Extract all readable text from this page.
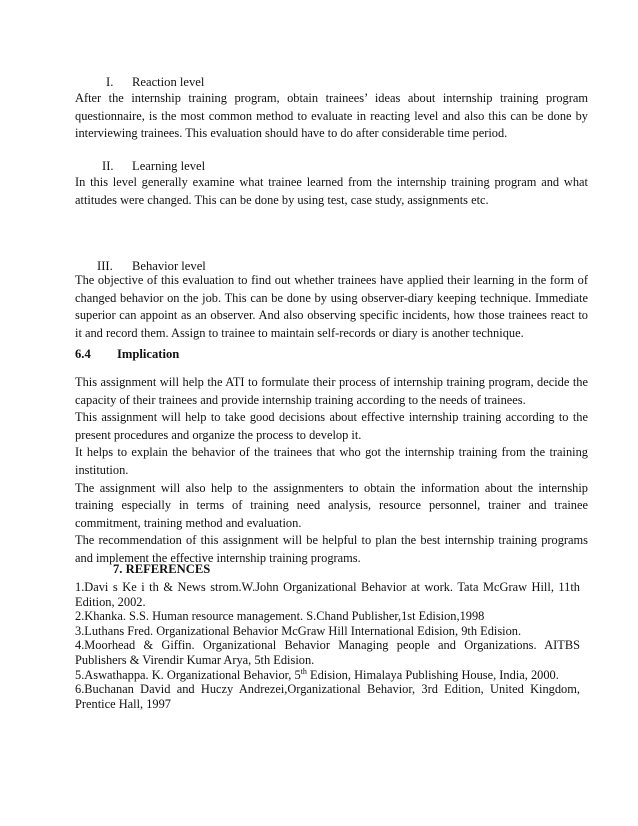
I. Reaction level

After the internship training program, obtain trainees’ ideas about internship training program questionnaire, is the most common method to evaluate in reacting level and also this can be done by interviewing trainees. This evaluation should have to do after considerable time period.

II. Learning level

In this level generally examine what trainee learned from the internship training program and what attitudes were changed. This can be done by using test, case study, assignments etc.

III. Behavior level

The objective of this evaluation to find out whether trainees have applied their learning in the form of changed behavior on the job. This can be done by using observer-diary keeping technique. Immediate superior can appoint as an observer. And also observing specific incidents, how those trainees react to it and record them. Assign to trainee to maintain self-records or diary is another technique.

6.4 Implication
This assignment will help the ATI to formulate their process of internship training program, decide the capacity of their trainees and provide internship training according to the needs of trainees.
This assignment will help to take good decisions about effective internship training according to the present procedures and organize the process to develop it.
It helps to explain the behavior of the trainees that who got the internship training from the training institution.
The assignment will also help to the assignmenters to obtain the information about the internship training especially in terms of training need analysis, resource personnel, trainer and trainee commitment, training method and evaluation.
The recommendation of this assignment will be helpful to plan the best internship training programs and implement the effective internship training programs.
7. REFERENCES
1.Davi s Ke i th & News strom.W.John Organizational Behavior at work. Tata McGraw Hill, 11th Edition, 2002.
2.Khanka. S.S. Human resource management. S.Chand Publisher,1st Edision,1998
3.Luthans Fred. Organizational Behavior McGraw Hill International Edision, 9th Edision.
4.Moorhead & Giffin. Organizational Behavior Managing people and Organizations. AITBS Publishers & Virendir Kumar Arya, 5th Edision.
5.Aswathappa. K. Organizational Behavior, 5th Edision, Himalaya Publishing House, India, 2000.
6.Buchanan David and Huczy Andrezei,Organizational Behavior, 3rd Edition, United Kingdom, Prentice Hall, 1997
